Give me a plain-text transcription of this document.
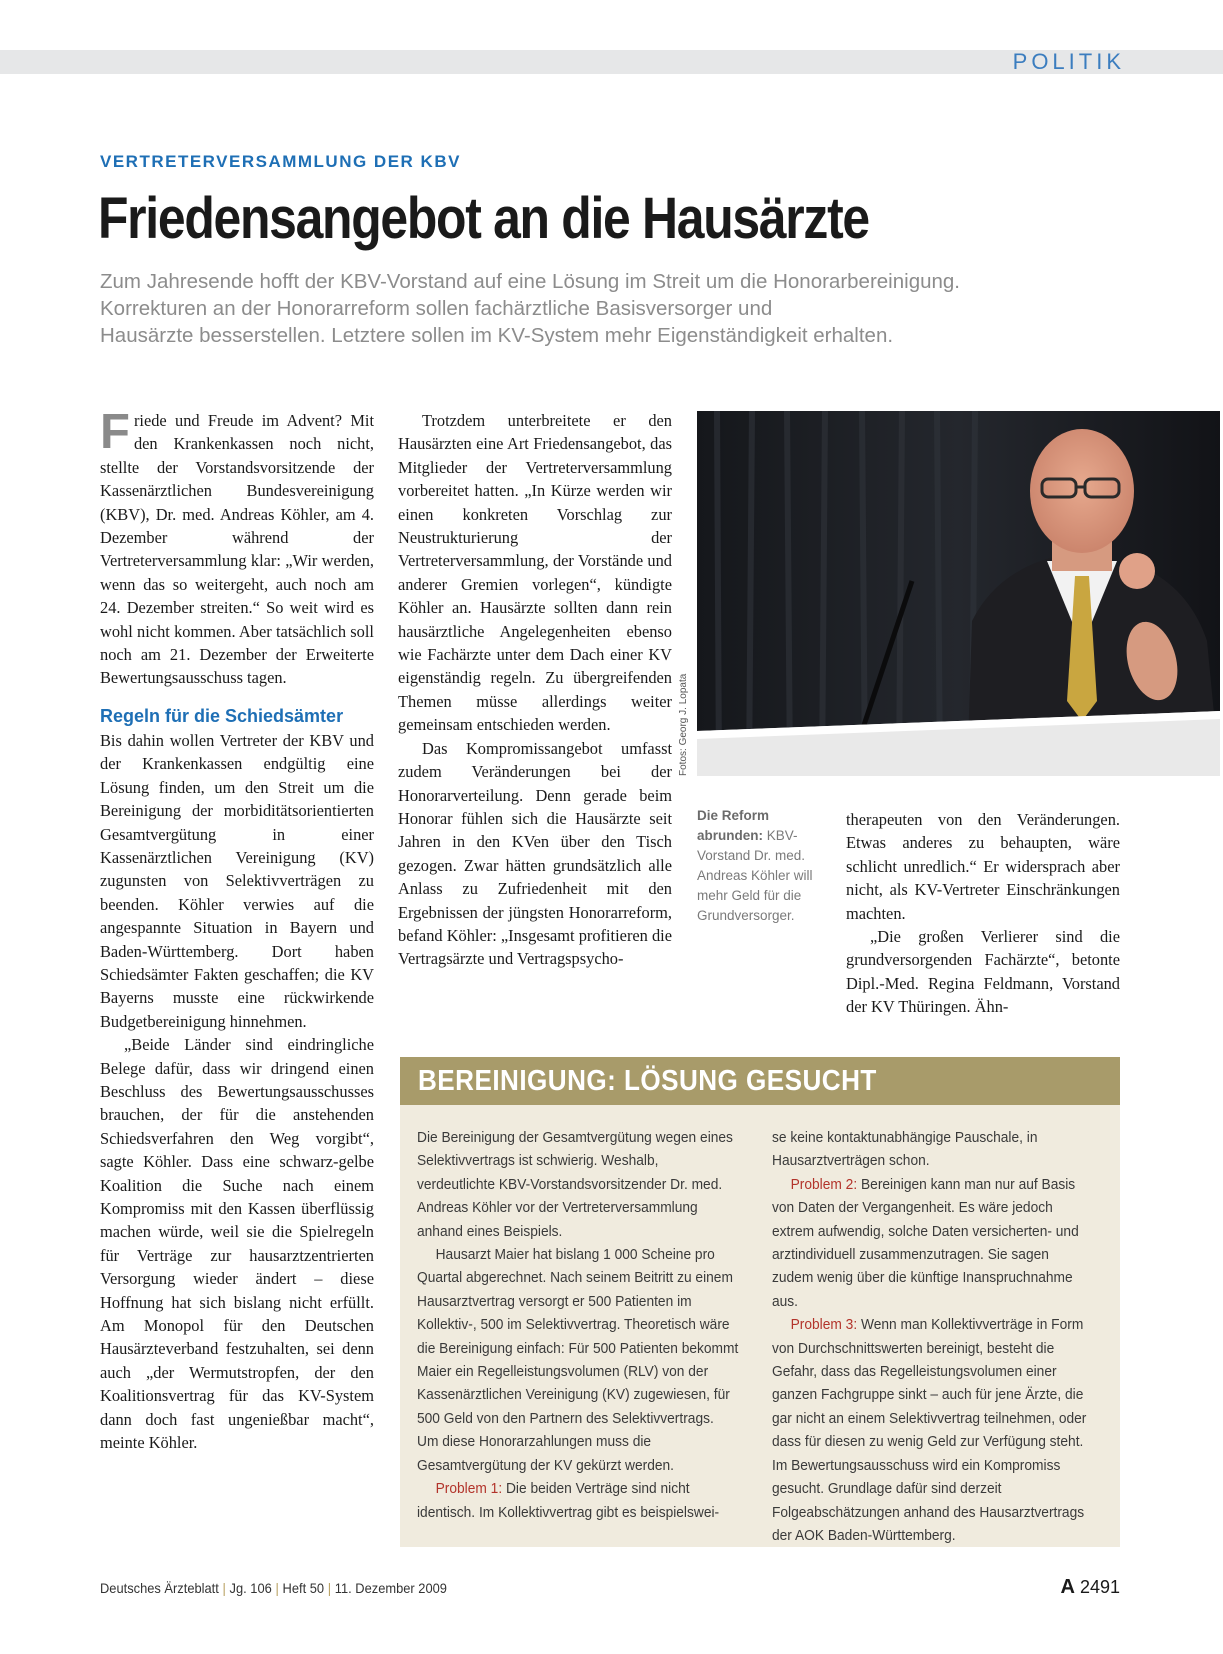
POLITIK
VERTRETERVERSAMMLUNG DER KBV
Friedensangebot an die Hausärzte
Zum Jahresende hofft der KBV-Vorstand auf eine Lösung im Streit um die Honorarbereinigung.
Korrekturen an der Honorarreform sollen fachärztliche Basisversorger und
Hausärzte besserstellen. Letztere sollen im KV-System mehr Eigenständigkeit erhalten.

Friede und Freude im Advent? Mit den Krankenkassen noch nicht, stellte der Vorstandsvorsitzende der Kassenärztlichen Bundesvereinigung (KBV), Dr. med. Andreas Köhler, am 4. Dezember während der Vertreterversammlung klar: „Wir werden, wenn das so weitergeht, auch noch am 24. Dezember streiten.“ So weit wird es wohl nicht kommen. Aber tatsächlich soll noch am 21. Dezember der Erweiterte Bewertungsausschuss tagen.

Regeln für die Schiedsämter

Bis dahin wollen Vertreter der KBV und der Krankenkassen endgültig eine Lösung finden, um den Streit um die Bereinigung der morbiditätsorientierten Gesamtvergütung in einer Kassenärztlichen Vereinigung (KV) zugunsten von Selektivverträgen zu beenden. Köhler verwies auf die angespannte Situation in Bayern und Baden-Württemberg. Dort haben Schiedsämter Fakten geschaffen; die KV Bayerns musste eine rückwirkende Budgetbereinigung hinnehmen.

„Beide Länder sind eindringliche Belege dafür, dass wir dringend einen Beschluss des Bewertungsausschusses brauchen, der für die anstehenden Schiedsverfahren den Weg vorgibt“, sagte Köhler. Dass eine schwarz-gelbe Koalition die Suche nach einem Kompromiss mit den Kassen überflüssig machen würde, weil sie die Spielregeln für Verträge zur hausarztzentrierten Versorgung wieder ändert – diese Hoffnung hat sich bislang nicht erfüllt. Am Monopol für den Deutschen Hausärzteverband festzuhalten, sei denn auch „der Wermutstropfen, der den Koalitionsvertrag für das KV-System dann doch fast ungenießbar macht“, meinte Köhler.

Trotzdem unterbreitete er den Hausärzten eine Art Friedensangebot, das Mitglieder der Vertreterversammlung vorbereitet hatten. „In Kürze werden wir einen konkreten Vorschlag zur Neustrukturierung der Vertreterversammlung, der Vorstände und anderer Gremien vorlegen“, kündigte Köhler an. Hausärzte sollten dann rein hausärztliche Angelegenheiten ebenso wie Fachärzte unter dem Dach einer KV eigenständig regeln. Zu übergreifenden Themen müsse allerdings weiter gemeinsam entschieden werden.

Das Kompromissangebot umfasst zudem Veränderungen bei der Honorarverteilung. Denn gerade beim Honorar fühlen sich die Hausärzte seit Jahren in den KVen über den Tisch gezogen. Zwar hätten grundsätzlich alle Anlass zu Zufriedenheit mit den Ergebnissen der jüngsten Honorarreform, befand Köhler: „Insgesamt profitieren die Vertragsärzte und Vertragspsycho-

therapeuten von den Veränderungen. Etwas anderes zu behaupten, wäre schlicht unredlich.“ Er widersprach aber nicht, als KV-Vertreter Einschränkungen machten.

„Die großen Verlierer sind die grundversorgenden Fachärzte“, betonte Dipl.-Med. Regina Feldmann, Vorstand der KV Thüringen. Ähn-

Fotos: Georg J. Lopata
Die Reform abrunden: KBV-Vorstand Dr. med. Andreas Köhler will mehr Geld für die Grundversorger.
BEREINIGUNG: LÖSUNG GESUCHT

Die Bereinigung der Gesamtvergütung wegen eines Selektivvertrags ist schwierig. Weshalb, verdeutlichte KBV-Vorstandsvorsitzender Dr. med. Andreas Köhler vor der Vertreterversammlung anhand eines Beispiels.

Hausarzt Maier hat bislang 1 000 Scheine pro Quartal abgerechnet. Nach seinem Beitritt zu einem Hausarztvertrag versorgt er 500 Patienten im Kollektiv-, 500 im Selektivvertrag. Theoretisch wäre die Bereinigung einfach: Für 500 Patienten bekommt Maier ein Regelleistungsvolumen (RLV) von der Kassenärztlichen Vereinigung (KV) zugewiesen, für 500 Geld von den Partnern des Selektivvertrags. Um diese Honorarzahlungen muss die Gesamtvergütung der KV gekürzt werden.

Problem 1: Die beiden Verträge sind nicht identisch. Im Kollektivvertrag gibt es beispielswei-

se keine kontaktunabhängige Pauschale, in Hausarztverträgen schon.

Problem 2: Bereinigen kann man nur auf Basis von Daten der Vergangenheit. Es wäre jedoch extrem aufwendig, solche Daten versicherten- und arztindividuell zusammenzutragen. Sie sagen zudem wenig über die künftige Inanspruchnahme aus.

Problem 3: Wenn man Kollektivverträge in Form von Durchschnittswerten bereinigt, besteht die Gefahr, dass das Regelleistungsvolumen einer ganzen Fachgruppe sinkt – auch für jene Ärzte, die gar nicht an einem Selektivvertrag teilnehmen, oder dass für diesen zu wenig Geld zur Verfügung steht. Im Bewertungsausschuss wird ein Kompromiss gesucht. Grundlage dafür sind derzeit Folgeabschätzungen anhand des Hausarztvertrags der AOK Baden-Württemberg.

Deutsches Ärzteblatt | Jg. 106 | Heft 50 | 11. Dezember 2009	A 2491
